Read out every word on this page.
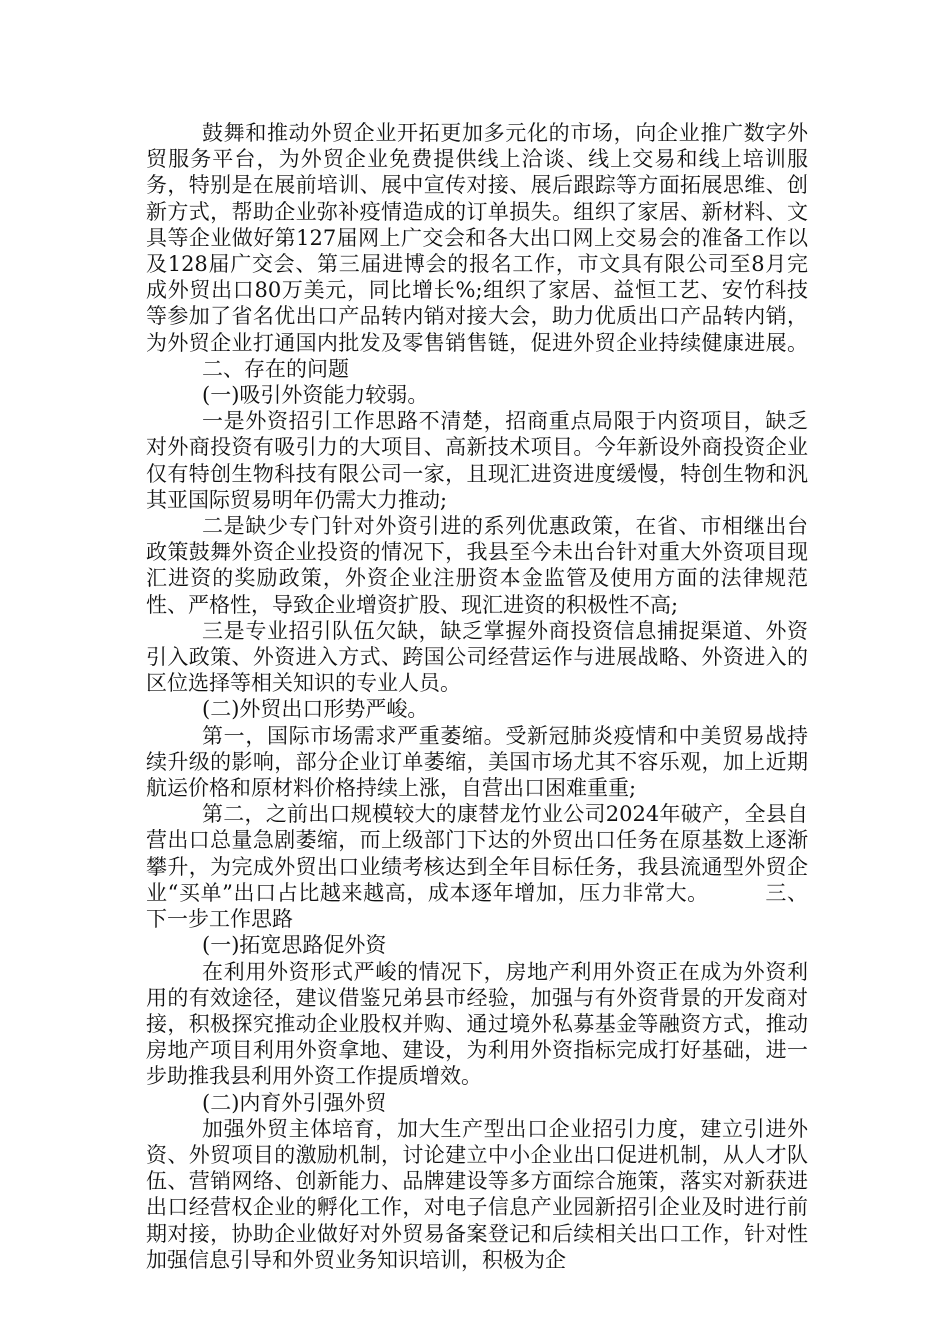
鼓舞和推动外贸企业开拓更加多元化的市场，向企业推广数字外贸服务平台，为外贸企业免费提供线上洽谈、线上交易和线上培训服务，特别是在展前培训、展中宣传对接、展后跟踪等方面拓展思维、创新方式，帮助企业弥补疫情造成的订单损失。组织了家居、新材料、文具等企业做好第127届网上广交会和各大出口网上交易会的准备工作以及128届广交会、第三届进博会的报名工作，市文具有限公司至8月完成外贸出口80万美元，同比增长%;组织了家居、益恒工艺、安竹科技等参加了省名优出口产品转内销对接大会，助力优质出口产品转内销，为外贸企业打通国内批发及零售销售链，促进外贸企业持续健康进展。二、存在的问题

(一)吸引外资能力较弱。

一是外资招引工作思路不清楚，招商重点局限于内资项目，缺乏对外商投资有吸引力的大项目、高新技术项目。今年新设外商投资企业仅有特创生物科技有限公司一家，且现汇进资进度缓慢，特创生物和汎其亚国际贸易明年仍需大力推动;

二是缺少专门针对外资引进的系列优惠政策，在省、市相继出台政策鼓舞外资企业投资的情况下，我县至今未出台针对重大外资项目现汇进资的奖励政策，外资企业注册资本金监管及使用方面的法律规范性、严格性，导致企业增资扩股、现汇进资的积极性不高;

三是专业招引队伍欠缺，缺乏掌握外商投资信息捕捉渠道、外资引入政策、外资进入方式、跨国公司经营运作与进展战略、外资进入的区位选择等相关知识的专业人员。

(二)外贸出口形势严峻。

第一，国际市场需求严重萎缩。受新冠肺炎疫情和中美贸易战持续升级的影响，部分企业订单萎缩，美国市场尤其不容乐观，加上近期航运价格和原材料价格持续上涨，自营出口困难重重;

第二，之前出口规模较大的康替龙竹业公司2024年破产，全县自营出口总量急剧萎缩，而上级部门下达的外贸出口任务在原基数上逐渐攀升，为完成外贸出口业绩考核达到全年目标任务，我县流通型外贸企业“买单”出口占比越来越高，成本逐年增加，压力非常大。	三、下一步工作思路

(一)拓宽思路促外资

在利用外资形式严峻的情况下，房地产利用外资正在成为外资利用的有效途径，建议借鉴兄弟县市经验，加强与有外资背景的开发商对接，积极探究推动企业股权并购、通过境外私募基金等融资方式，推动房地产项目利用外资拿地、建设，为利用外资指标完成打好基础，进一步助推我县利用外资工作提质增效。

(二)内育外引强外贸

加强外贸主体培育，加大生产型出口企业招引力度，建立引进外资、外贸项目的激励机制，讨论建立中小企业出口促进机制，从人才队伍、营销网络、创新能力、品牌建设等多方面综合施策，落实对新获进出口经营权企业的孵化工作，对电子信息产业园新招引企业及时进行前期对接，协助企业做好对外贸易备案登记和后续相关出口工作，针对性加强信息引导和外贸业务知识培训，积极为企
